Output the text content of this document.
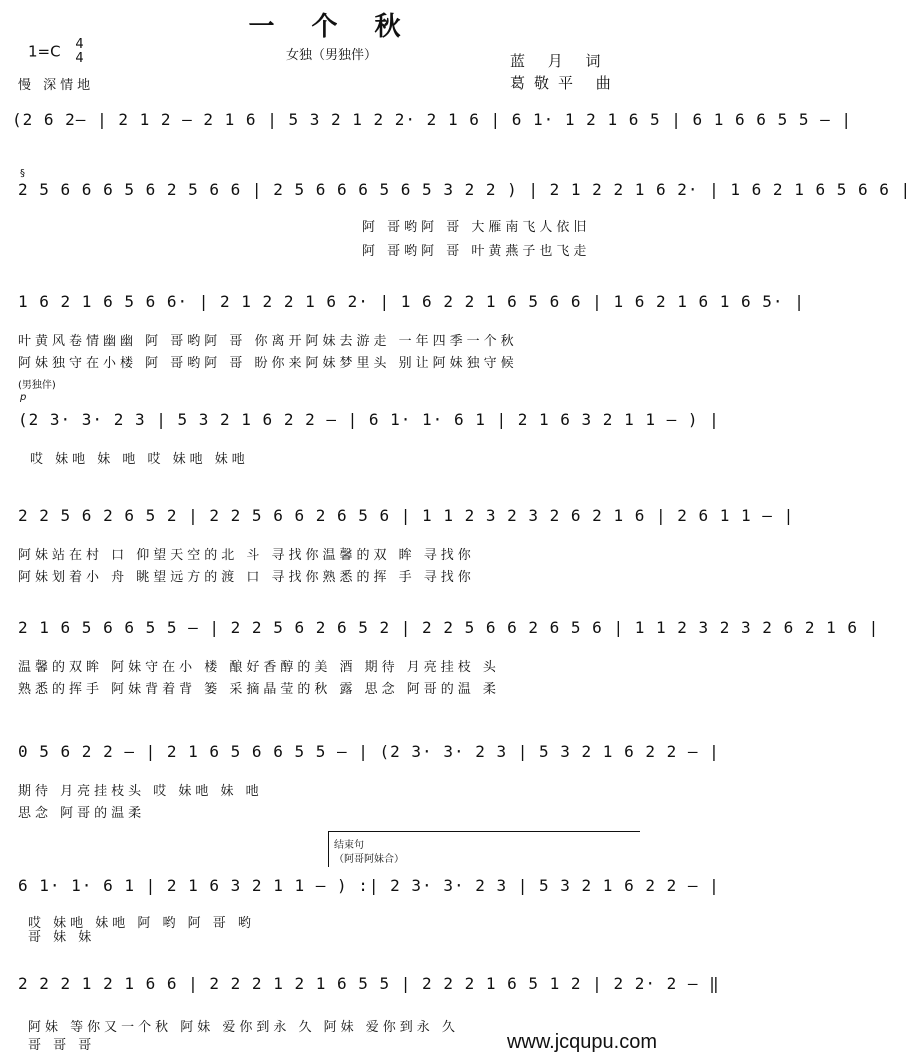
一 个 秋
女独（男独伴）
1=C 4
4
慢 深情地
蓝 月 词
葛敬平 曲
(2 6 2— | 2 1 2 — 2 1 6 | 5 3 2 1 2 2· 2 1 6 | 6 1· 1 2 1 6 5 | 6 1 6 6 5 5 — |
§
2 5 6 6 6 5 6 2 5 6 6 | 2 5 6 6 6 5 6 5 3 2 2 ) | 2 1 2 2 1 6 2· | 1 6 2 1 6 5 6 6 |
阿 哥哟阿 哥 大雁南飞人依旧
阿 哥哟阿 哥 叶黄燕子也飞走
1 6 2 1 6 5 6 6· | 2 1 2 2 1 6 2· | 1 6 2 2 1 6 5 6 6 | 1 6 2 1 6 1 6 5· |
叶黄风卷情幽幽 阿 哥哟阿 哥 你离开阿妹去游走 一年四季一个秋
阿妹独守在小楼 阿 哥哟阿 哥 盼你来阿妹梦里头 别让阿妹独守候
(男独伴)
p
(2 3· 3· 2 3 | 5 3 2 1 6 2 2 — | 6 1· 1· 6 1 | 2 1 6 3 2 1 1 — ) |
哎 妹吔 妹 吔 哎 妹吔 妹吔
2 2 5 6 2 6 5 2 | 2 2 5 6 6 2 6 5 6 | 1 1 2 3 2 3 2 6 2 1 6 | 2 6 1 1 — |
阿妹站在村 口 仰望天空的北 斗 寻找你温馨的双 眸 寻找你
阿妹划着小 舟 眺望远方的渡 口 寻找你熟悉的挥 手 寻找你
2 1 6 5 6 6 5 5 — | 2 2 5 6 2 6 5 2 | 2 2 5 6 6 2 6 5 6 | 1 1 2 3 2 3 2 6 2 1 6 |
温馨的双眸 阿妹守在小 楼 酿好香醇的美 酒 期待 月亮挂枝 头
熟悉的挥手 阿妹背着背 篓 采摘晶莹的秋 露 思念 阿哥的温 柔
0 5 6 2 2 — | 2 1 6 5 6 6 5 5 — | (2 3· 3· 2 3 | 5 3 2 1 6 2 2 — |
期待 月亮挂枝头 哎 妹吔 妹 吔
思念 阿哥的温柔
结束句
（阿哥阿妹合）
6 1· 1· 6 1 | 2 1 6 3 2 1 1 — ) :| 2 3· 3· 2 3 | 5 3 2 1 6 2 2 — |
哎 妹吔 妹吔 阿 哟 阿 哥 哟
哥 妹 妹
2 2 2 1 2 1 6 6 | 2 2 2 1 2 1 6 5 5 | 2 2 2 1 6 5 1 2 | 2 2· 2 — ‖
阿妹 等你又一个秋 阿妹 爱你到永 久 阿妹 爱你到永 久
哥 哥 哥	www.jcqupu.com
